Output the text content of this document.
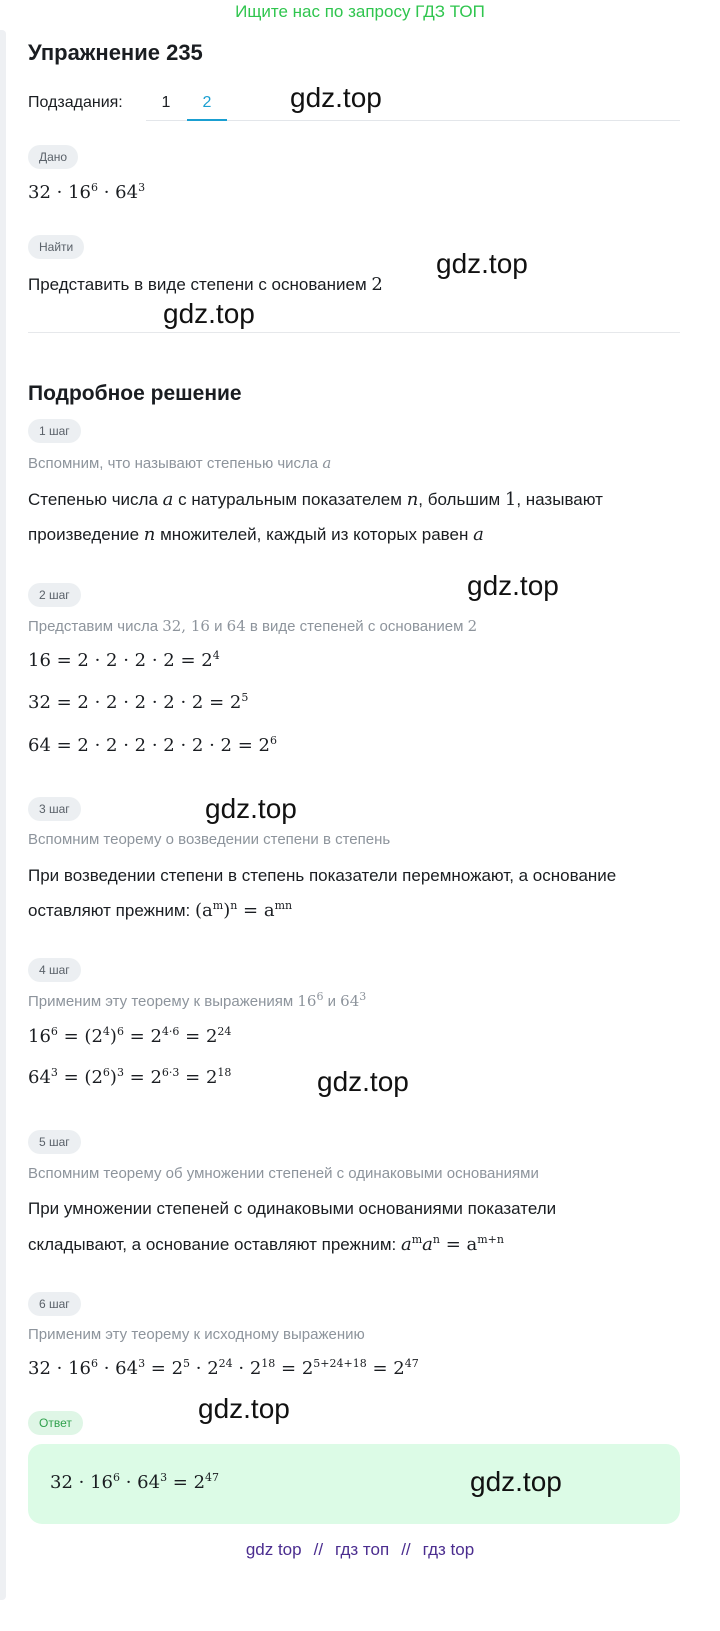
Ищите нас по запросу ГДЗ ТОП
Упражнение 235
Подзадания:	1	2
Дано
$32 \cdot 16^6 \cdot 64^3$
Найти
Представить в виде степени с основанием 2
Подробное решение
1 шаг
Вспомним, что называют степенью числа a
Степенью числа a с натуральным показателем n, большим 1, называют
произведение n множителей, каждый из которых равен a
2 шаг
Представим числа 32, 16 и 64 в виде степеней с основанием 2
$16 = 2 \cdot 2 \cdot 2 \cdot 2 = 2^4$
$32 = 2 \cdot 2 \cdot 2 \cdot 2 \cdot 2 = 2^5$
$64 = 2 \cdot 2 \cdot 2 \cdot 2 \cdot 2 \cdot 2 = 2^6$
3 шаг
Вспомним теорему о возведении степени в степень
При возведении степени в степень показатели перемножают, а основание
оставляют прежним: $(a^m)^n = a^{mn}$
4 шаг
Применим эту теорему к выражениям $16^6$ и $64^3$
$16^6 = (2^4)^6 = 2^{4\cdot 6} = 2^{24}$
$64^3 = (2^6)^3 = 2^{6\cdot 3} = 2^{18}$
5 шаг
Вспомним теорему об умножении степеней с одинаковыми основаниями
При умножении степеней с одинаковыми основаниями показатели
складывают, а основание оставляют прежним: $a^ma^n = a^{m+n}$
6 шаг
Применим эту теорему к исходному выражению
$32 \cdot 16^6 \cdot 64^3 = 2^5 \cdot 2^{24} \cdot 2^{18} = 2^{5+24+18} = 2^{47}$
Ответ
$32 \cdot 16^6 \cdot 64^3 = 2^{47}$
gdz.top
gdz.top
gdz.top
gdz.top
gdz.top
gdz.top
gdz.top
gdz.top
gdz top // гдз топ // гдз top
